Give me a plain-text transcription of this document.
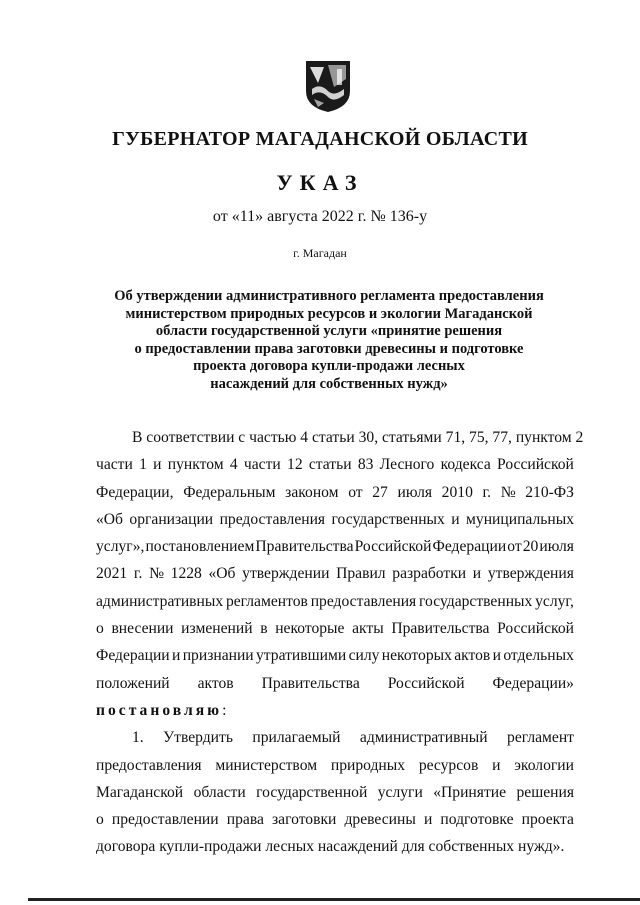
ГУБЕРНАТОР МАГАДАНСКОЙ ОБЛАСТИ
УКАЗ
от «11» августа 2022 г. № 136-у
г. Магадан
Об утверждении административного регламента предоставления
министерством природных ресурсов и экологии Магаданской
области государственной услуги «принятие решения
о предоставлении права заготовки древесины и подготовке
проекта договора купли-продажи лесных
насаждений для собственных нужд»
В соответствии с частью 4 статьи 30, статьями 71, 75, 77, пунктом 2
части 1 и пунктом 4 части 12 статьи 83 Лесного кодекса Российской
Федерации, Федеральным законом от 27 июля 2010 г. № 210-ФЗ
«Об организации предоставления государственных и муниципальных
услуг», постановлением Правительства Российской Федерации от 20 июля
2021 г. № 1228 «Об утверждении Правил разработки и утверждения
административных регламентов предоставления государственных услуг,
о внесении изменений в некоторые акты Правительства Российской
Федерации и признании утратившими силу некоторых актов и отдельных
положений актов Правительства Российской Федерации»
постановляю :
1. Утвердить прилагаемый административный регламент
предоставления министерством природных ресурсов и экологии
Магаданской области государственной услуги «Принятие решения
о предоставлении права заготовки древесины и подготовке проекта
договора купли-продажи лесных насаждений для собственных нужд».
